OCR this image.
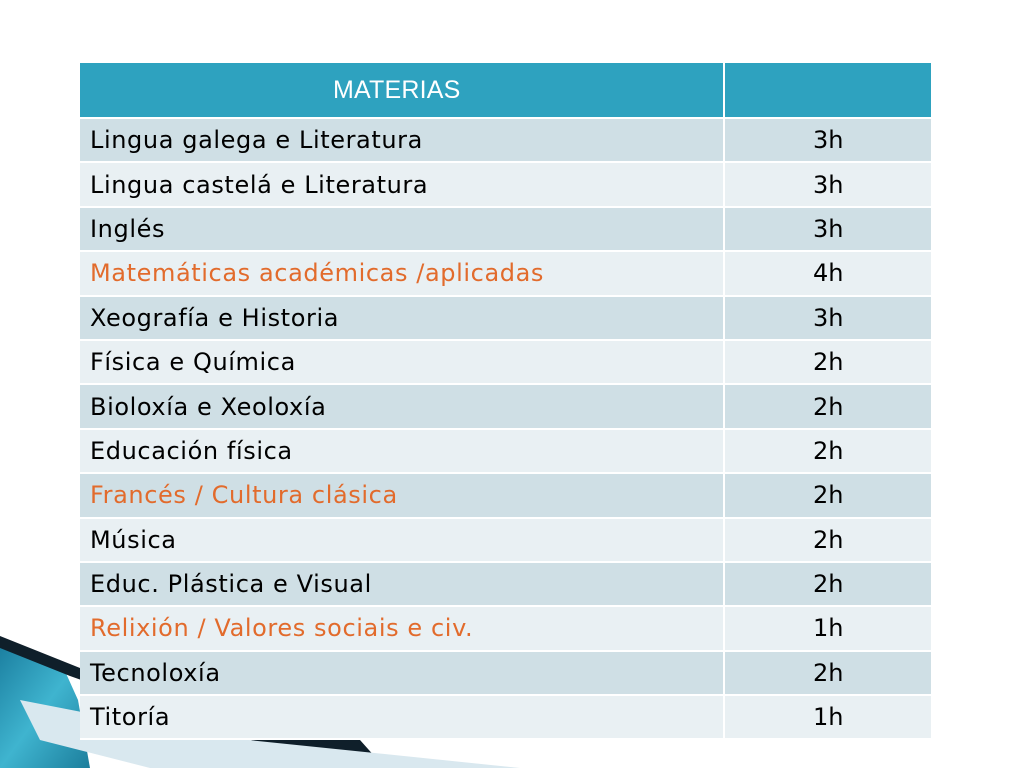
MATERIAS	
Lingua galega e Literatura	3h
Lingua castelá e Literatura	3h
Inglés	3h
Matemáticas académicas /aplicadas	4h
Xeografía e Historia	3h
Física e Química	2h
Bioloxía e Xeoloxía	2h
Educación física	2h
Francés / Cultura clásica	2h
Música	2h
Educ. Plástica e Visual	2h
Relixión / Valores sociais e civ.	1h
Tecnoloxía	2h
Titoría	1h
